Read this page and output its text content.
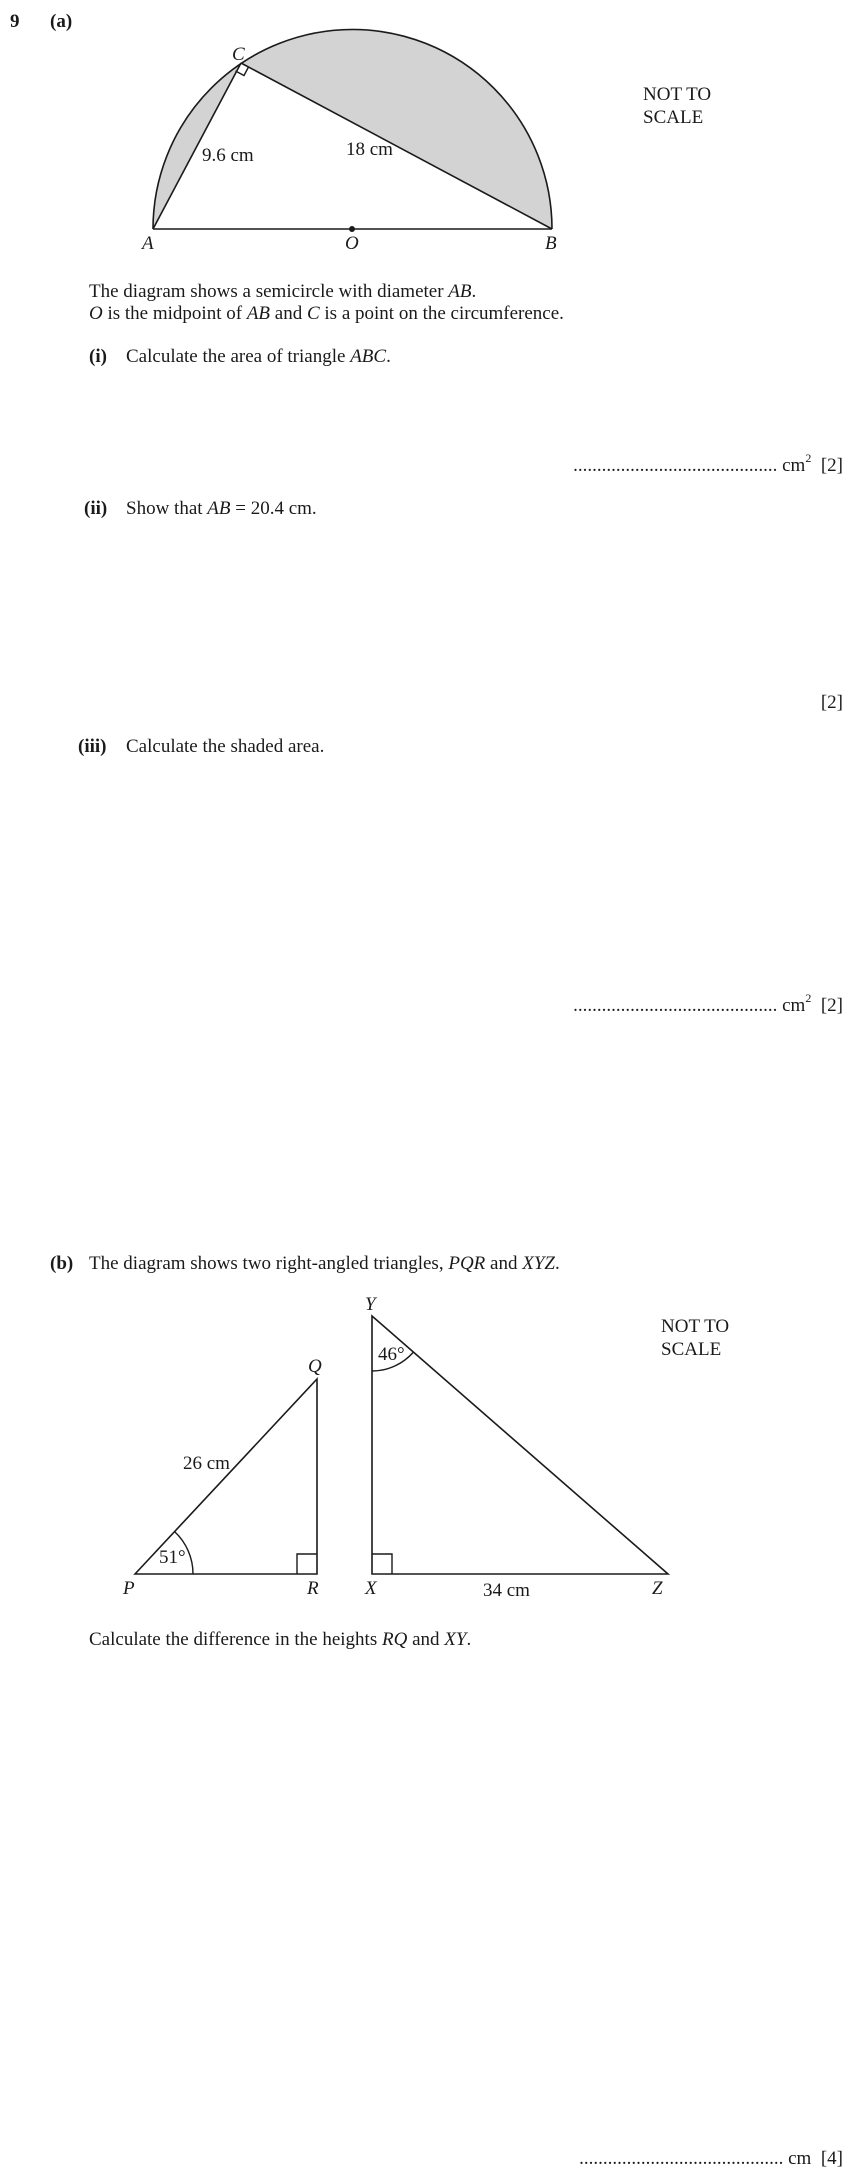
9 (a)
C
A	O	B
9.6 cm	18 cm
NOT TO
SCALE
The diagram shows a semicircle with diameter AB.
O is the midpoint of AB and C is a point on the circumference.
(i) Calculate the area of triangle ABC.
........................................... $cm^2$ [2]
(ii) Show that AB = 20.4 cm.
[2]
(iii) Calculate the shaded area.
........................................... $cm^2$ [2]
(b) The diagram shows two right-angled triangles, PQR and XYZ.
P
Q
R X
Y
Z
26 cm
51°
46°
34 cm
NOT TO
SCALE
Calculate the difference in the heights RQ and XY.
........................................... cm [4]
